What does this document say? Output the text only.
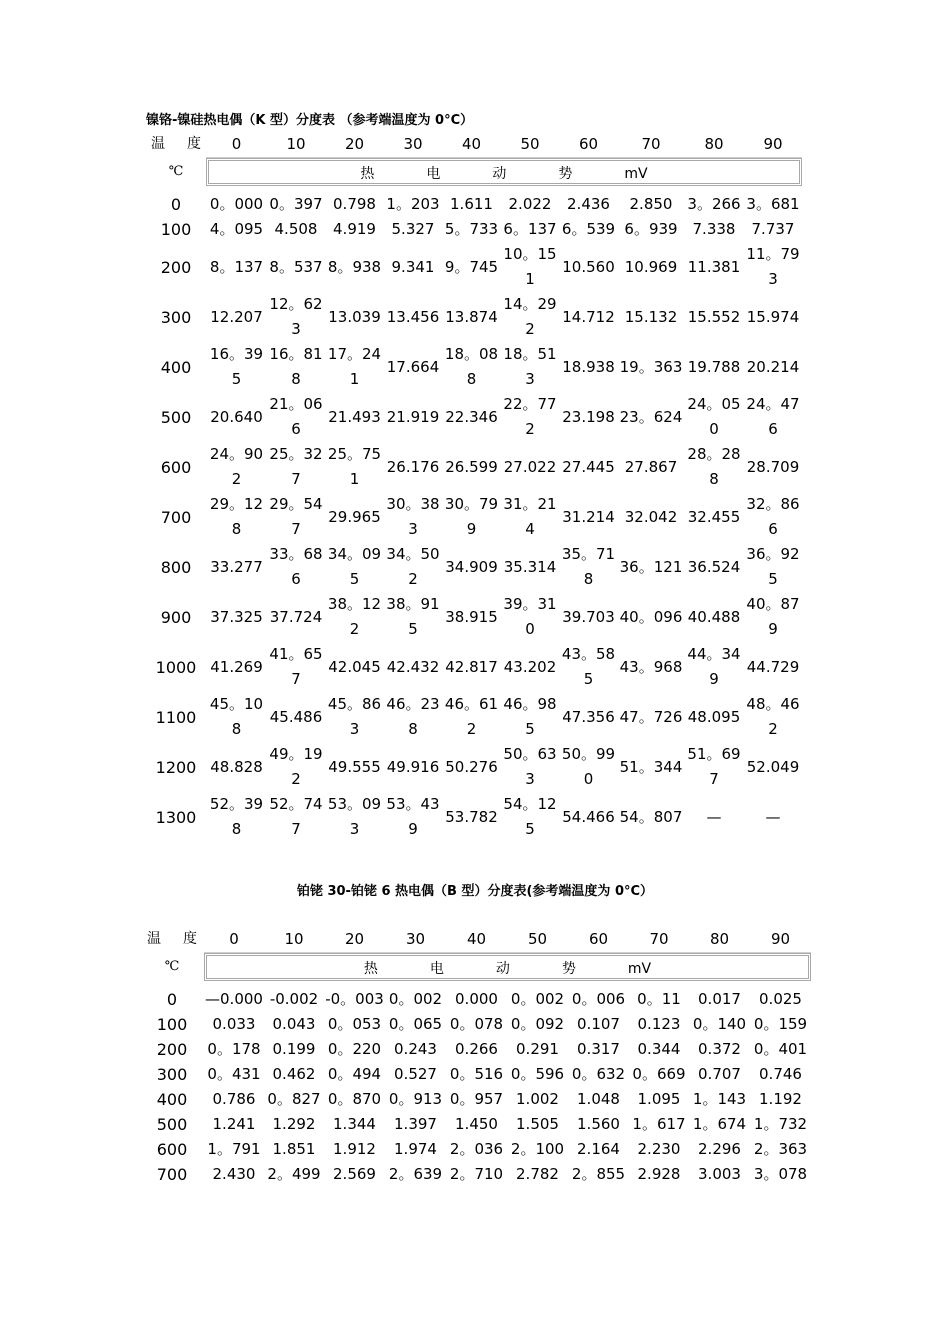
镍铬-镍硅热电偶（K 型）分度表 （参考端温度为 0°C）
温 度	0	10	20	30	40	50	60	70	80	90
℃	热 电 动 势 mV									

0	0。000	0。397	0.798	1。203	1.611	2.022	2.436	2.850	3。266	3。681
100	4。095	4.508	4.919	5.327	5。733	6。137	6。539	6。939	7.338	7.737
200	8。137	8。537	8。938	9.341	9。745	10。151	10.560	10.969	11.381	11。793
300	12.207	12。623	13.039	13.456	13.874	14。292	14.712	15.132	15.552	15.974
400	16。395	16。818	17。241	17.664	18。088	18。513	18.938	19。363	19.788	20.214
500	20.640	21。066	21.493	21.919	22.346	22。772	23.198	23。624	24。050	24。476
600	24。902	25。327	25。751	26.176	26.599	27.022	27.445	27.867	28。288	28.709
700	29。128	29。547	29.965	30。383	30。799	31。214	31.214	32.042	32.455	32。866
800	33.277	33。686	34。095	34。502	34.909	35.314	35。718	36。121	36.524	36。925
900	37.325	37.724	38。122	38。915	38.915	39。310	39.703	40。096	40.488	40。879
1000	41.269	41。657	42.045	42.432	42.817	43.202	43。585	43。968	44。349	44.729
1100	45。108	45.486	45。863	46。238	46。612	46。985	47.356	47。726	48.095	48。462
1200	48.828	49。192	49.555	49.916	50.276	50。633	50。990	51。344	51。697	52.049
1300	52。398	52。747	53。093	53。439	53.782	54。125	54.466	54。807	—	—
铂铑 30-铂铑 6 热电偶（B 型）分度表(参考端温度为 0°C）
温 度	0	10	20	30	40	50	60	70	80	90
℃	热 电 动 势 mV									

0	—0.000	-0.002	-0。003	0。002	0.000	0。002	0。006	0。11	0.017	0.025
100	0.033	0.043	0。053	0。065	0。078	0。092	0.107	0.123	0。140	0。159
200	0。178	0.199	0。220	0.243	0.266	0.291	0.317	0.344	0.372	0。401
300	0。431	0.462	0。494	0.527	0。516	0。596	0。632	0。669	0.707	0.746
400	0.786	0。827	0。870	0。913	0。957	1.002	1.048	1.095	1。143	1.192
500	1.241	1.292	1.344	1.397	1.450	1.505	1.560	1。617	1。674	1。732
600	1。791	1.851	1.912	1.974	2。036	2。100	2.164	2.230	2.296	2。363
700	2.430	2。499	2.569	2。639	2。710	2.782	2。855	2.928	3.003	3。078
